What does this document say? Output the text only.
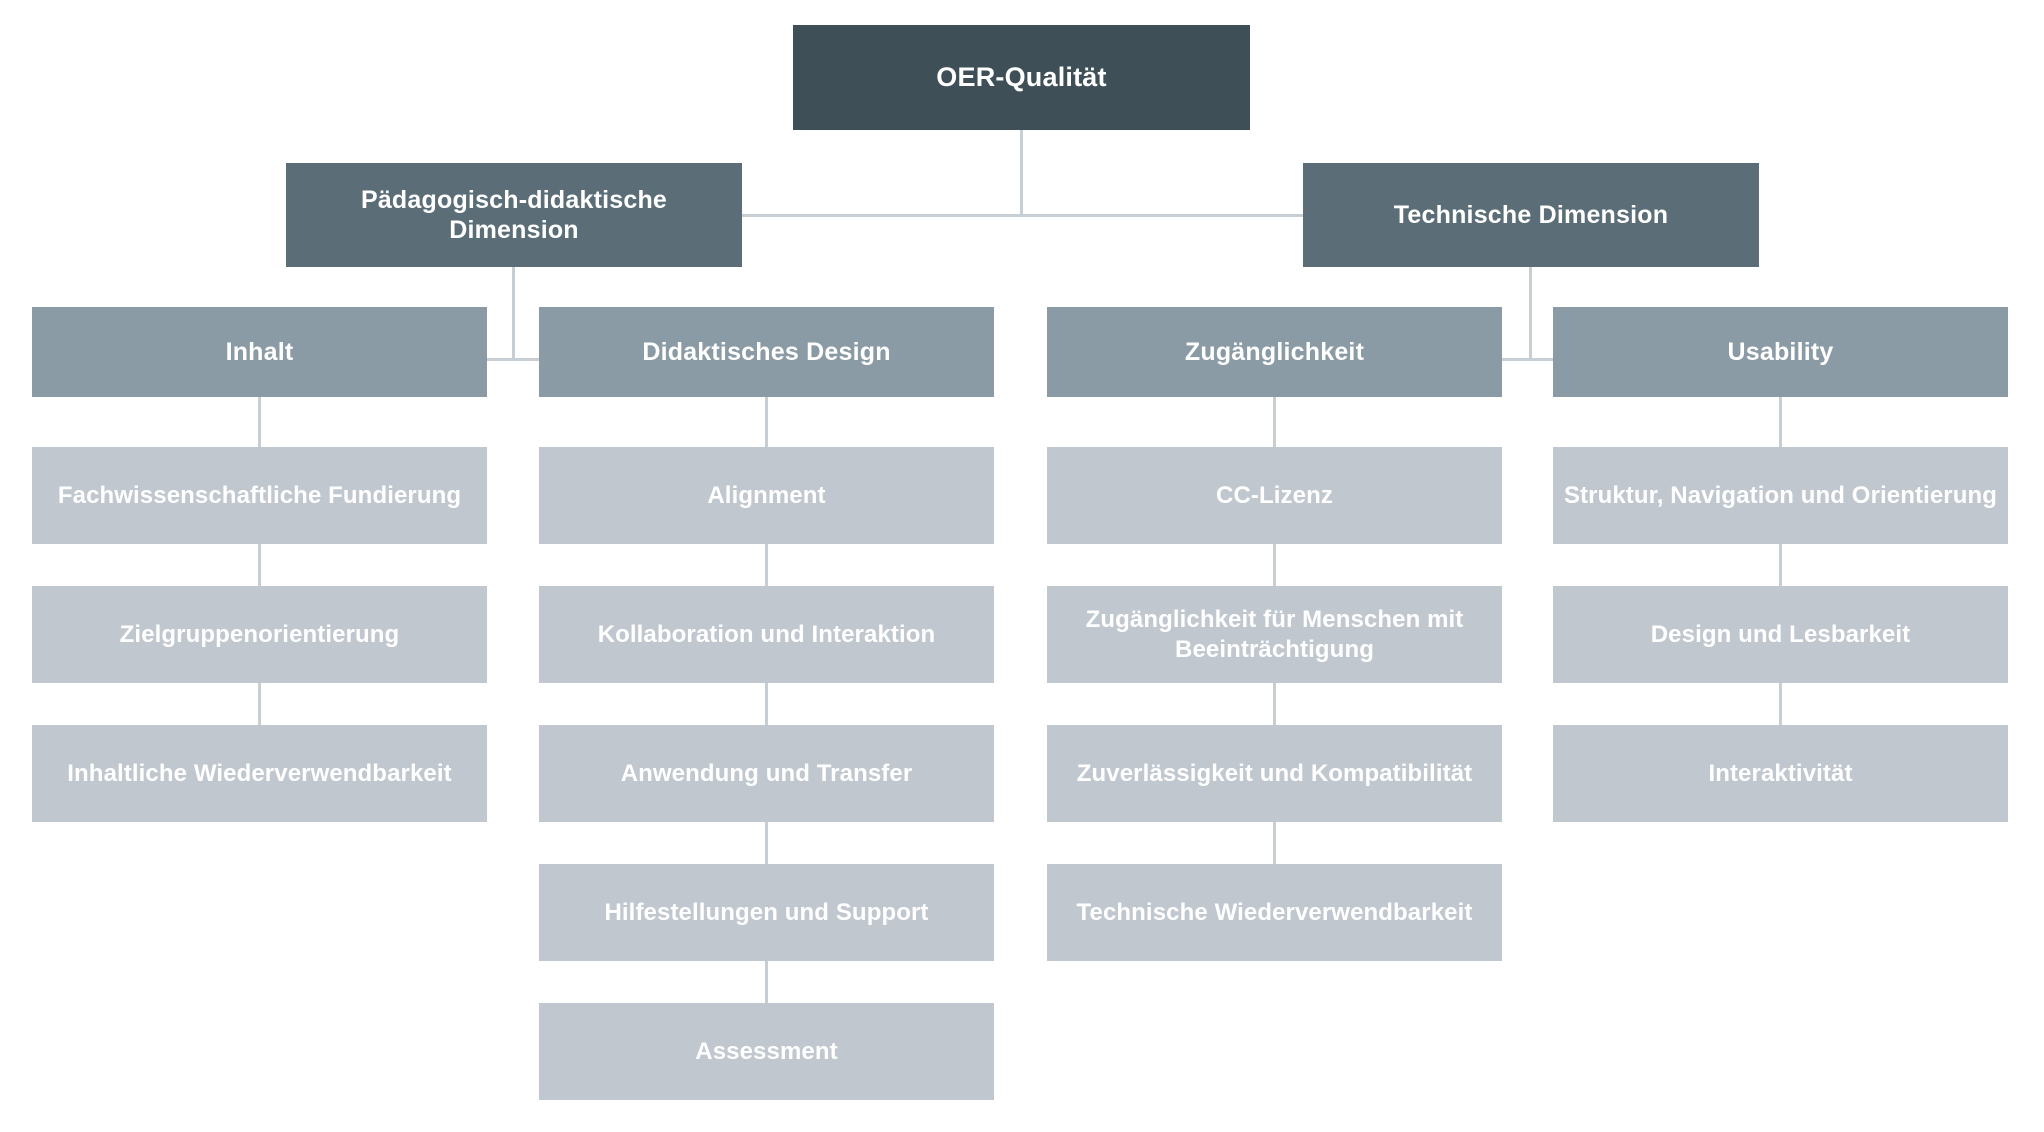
OER-Qualität
Pädagogisch-didaktische Dimension
Technische Dimension
Inhalt	Didaktisches Design	Zugänglichkeit	Usability
Fachwissenschaftliche Fundierung
Zielgruppenorientierung
Inhaltliche Wiederverwendbarkeit
Alignment
Kollaboration und Interaktion
Anwendung und Transfer
Hilfestellungen und Support
Assessment
CC-Lizenz
Zugänglichkeit für Menschen mit Beeinträchtigung
Zuverlässigkeit und Kompatibilität
Technische Wiederverwendbarkeit
Struktur, Navigation und Orientierung
Design und Lesbarkeit
Interaktivität
